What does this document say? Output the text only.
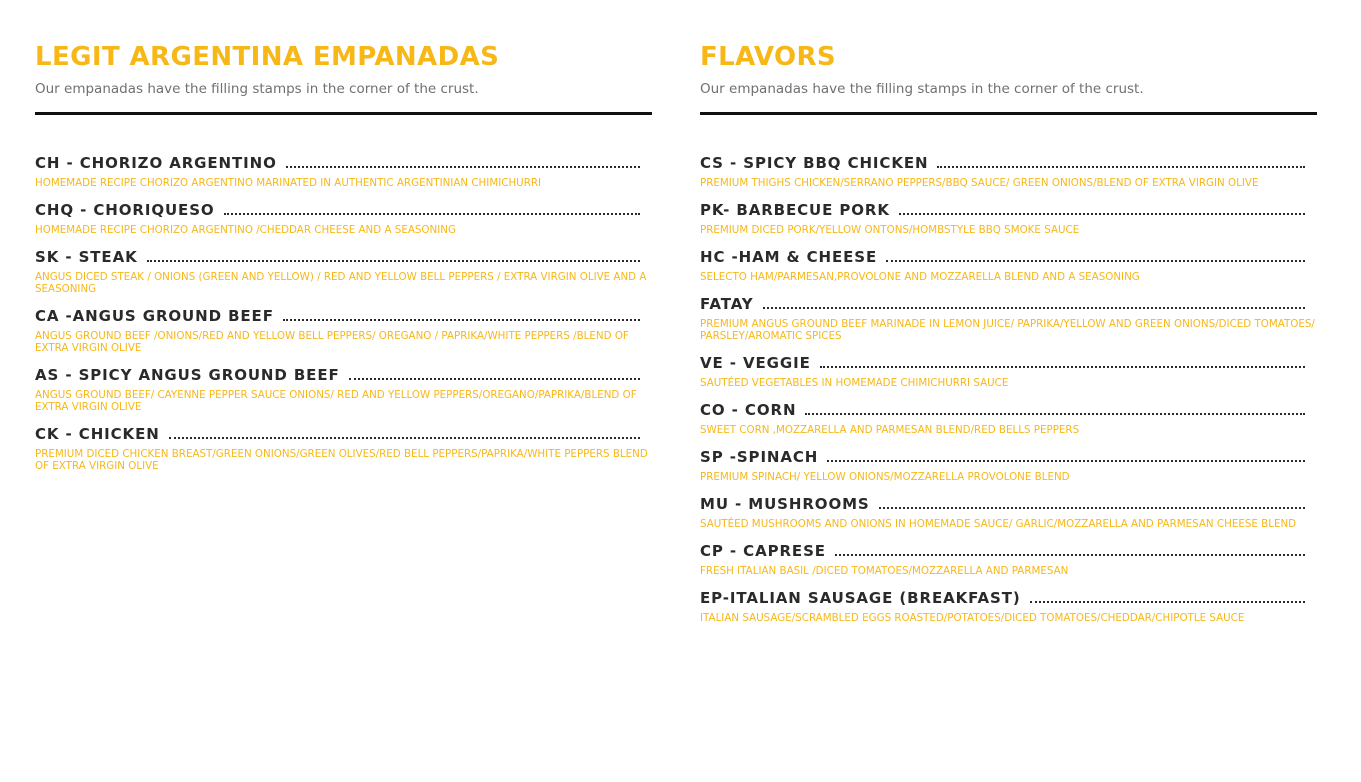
LEGIT ARGENTINA EMPANADAS

Our empanadas have the filling stamps in the corner of the crust.

CH - CHORIZO ARGENTINO
HOMEMADE RECIPE CHORIZO ARGENTINO MARINATED IN AUTHENTIC ARGENTINIAN CHIMICHURRI
CHQ - CHORIQUESO
HOMEMADE RECIPE CHORIZO ARGENTINO /CHEDDAR CHEESE AND A SEASONING
SK - STEAK
ANGUS DICED STEAK / ONIONS (GREEN AND YELLOW) / RED AND YELLOW BELL PEPPERS / EXTRA VIRGIN OLIVE AND A SEASONING
CA -ANGUS GROUND BEEF
ANGUS GROUND BEEF /ONIONS/RED AND YELLOW BELL PEPPERS/ OREGANO / PAPRIKA/WHITE PEPPERS /BLEND OF EXTRA VIRGIN OLIVE
AS - SPICY ANGUS GROUND BEEF
ANGUS GROUND BEEF/ CAYENNE PEPPER SAUCE ONIONS/ RED AND YELLOW PEPPERS/OREGANO/PAPRIKA/BLEND OF EXTRA VIRGIN OLIVE
CK - CHICKEN
PREMIUM DICED CHICKEN BREAST/GREEN ONIONS/GREEN OLIVES/RED BELL PEPPERS/PAPRIKA/WHITE PEPPERS BLEND OF EXTRA VIRGIN OLIVE
FLAVORS

Our empanadas have the filling stamps in the corner of the crust.

CS - SPICY BBQ CHICKEN
PREMIUM THIGHS CHICKEN/SERRANO PEPPERS/BBQ SAUCE/ GREEN ONIONS/BLEND OF EXTRA VIRGIN OLIVE
PK- BARBECUE PORK
PREMIUM DICED PORK/YELLOW ONTONS/HOMBSTYLE BBQ SMOKE SAUCE
HC -HAM & CHEESE
SELECTO HAM/PARMESAN,PROVOLONE AND MOZZARELLA BLEND AND A SEASONING
FATAY
PREMIUM ANGUS GROUND BEEF MARINADE IN LEMON JUICE/ PAPRIKA/YELLOW AND GREEN ONIONS/DICED TOMATOES/ PARSLEY/AROMATIC SPICES
VE - VEGGIE
SAUTÉED VEGETABLES IN HOMEMADE CHIMICHURRI SAUCE
CO - CORN
SWEET CORN ,MOZZARELLA AND PARMESAN BLEND/RED BELLS PEPPERS
SP -SPINACH
PREMIUM SPINACH/ YELLOW ONIONS/MOZZARELLA PROVOLONE BLEND
MU - MUSHROOMS
SAUTÉED MUSHROOMS AND ONIONS IN HOMEMADE SAUCE/ GARLIC/MOZZARELLA AND PARMESAN CHEESE BLEND
CP - CAPRESE
FRESH ITALIAN BASIL /DICED TOMATOES/MOZZARELLA AND PARMESAN
EP-ITALIAN SAUSAGE (BREAKFAST)
ITALIAN SAUSAGE/SCRAMBLED EGGS ROASTED/POTATOES/DICED TOMATOES/CHEDDAR/CHIPOTLE SAUCE
